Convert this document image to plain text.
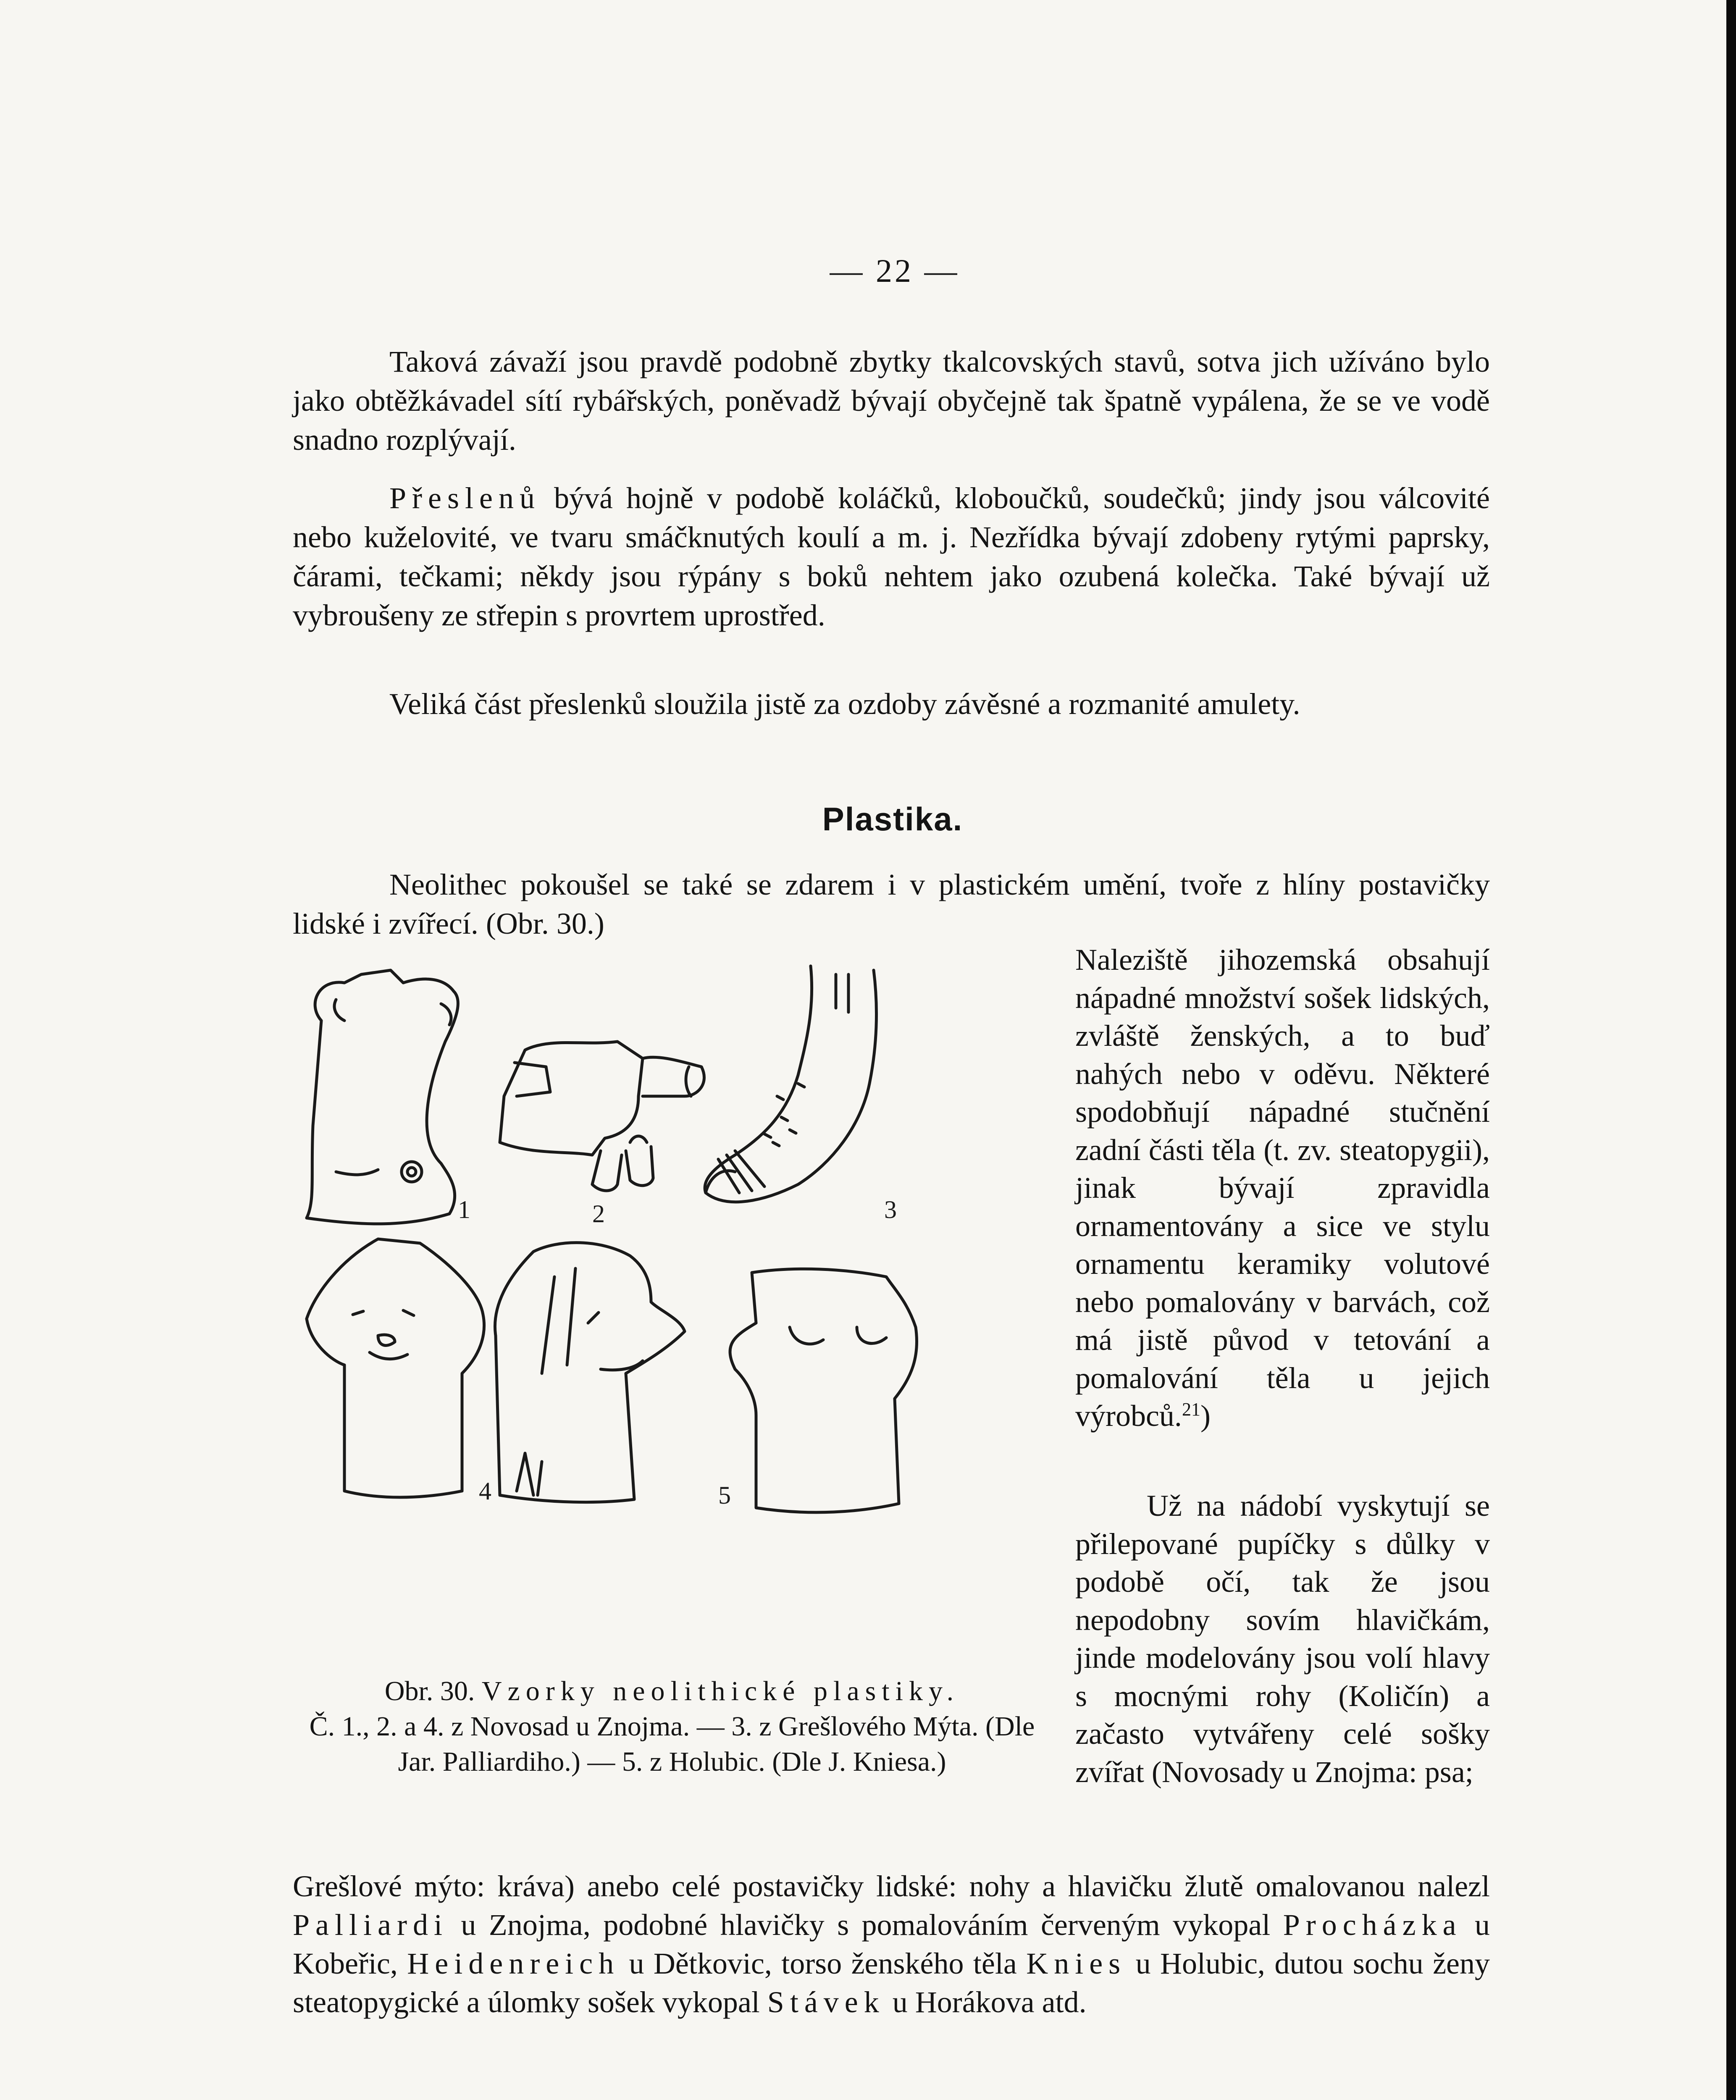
— 22 —

Taková závaží jsou pravdě podobně zbytky tkalcovských stavů, sotva jich užíváno bylo jako obtěžkávadel sítí rybářských, poněvadž bývají obyčejně tak špatně vypálena, že se ve vodě snadno rozplývají.

Přeslenů bývá hojně v podobě koláčků, kloboučků, soudečků; jindy jsou válcovité nebo kuželovité, ve tvaru smáčknutých koulí a m. j. Nezřídka bývají zdobeny rytými paprsky, čárami, tečkami; někdy jsou rýpány s boků nehtem jako ozubená kolečka. Také bývají už vybroušeny ze střepin s provrtem uprostřed.

Veliká část přeslenků sloužila jistě za ozdoby závěsné a rozmanité amulety.

Plastika.

Neolithec pokoušel se také se zdarem i v plastickém umění, tvoře z hlíny postavičky lidské i zvířecí. (Obr. 30.)

1	2	3
4	5
Obr. 30. Vzorky neolithické plastiky.
Č. 1., 2. a 4. z Novosad u Znojma. — 3. z Grešlového Mýta. (Dle Jar. Palliardiho.) — 5. z Holubic. (Dle J. Kniesa.)

Naleziště jihozemská obsahují nápadné množství sošek lidských, zvláště ženských, a to buď nahých nebo v oděvu. Některé spodobňují nápadné stučnění zadní části těla (t. zv. steatopygii), jinak bývají zpravidla ornamentovány a sice ve stylu ornamentu keramiky volutové nebo pomalovány v barvách, což má jistě původ v tetování a pomalování těla u jejich výrobců.$^{21}$)

Už na nádobí vyskytují se přilepované pupíčky s důlky v podobě očí, tak že jsou nepodobny sovím hlavičkám, jinde modelovány jsou volí hlavy s mocnými rohy (Količín) a začasto vytvářeny celé sošky zvířat (Novosady u Znojma: psa;

Grešlové mýto: kráva) anebo celé postavičky lidské: nohy a hlavičku žlutě omalovanou nalezl Palliardi u Znojma, podobné hlavičky s pomalováním červeným vykopal Procházka u Kobeřic, Heidenreich u Dětkovic, torso ženského těla Knies u Holubic, dutou sochu ženy steatopygické a úlomky sošek vykopal Stávek u Horákova atd.
